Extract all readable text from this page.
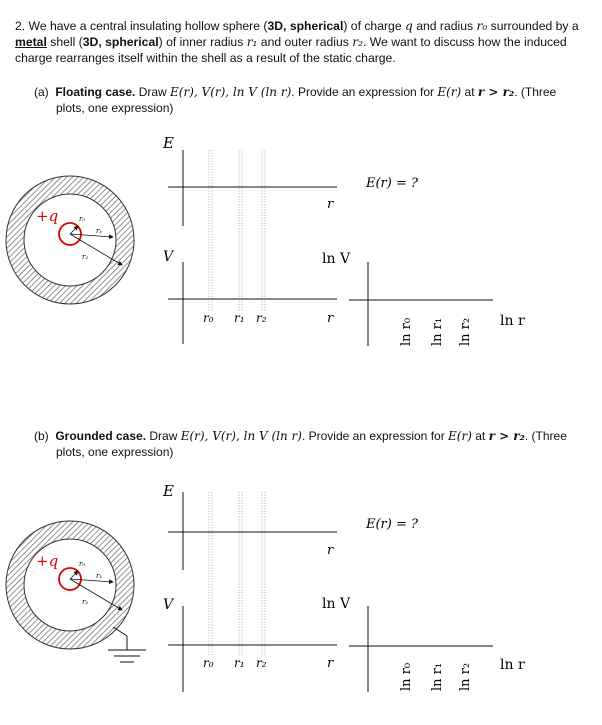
2. We have a central insulating hollow sphere (3D, spherical) of charge q and radius r₀ surrounded by a
metal shell (3D, spherical) of inner radius r₁ and outer radius r₂. We want to discuss how the induced
charge rearranges itself within the shell as a result of the static charge.
(a) Floating case. Draw E(r), V(r), ln V (ln r). Provide an expression for E(r) at r > r₂. (Three
plots, one expression)
(b) Grounded case. Draw E(r), V(r), ln V (ln r). Provide an expression for E(r) at r > r₂. (Three
plots, one expression)
+q	r₀
r₁
r₂
E
r
V
r₀ r₁ r₂	r
E(r) = ?
ln V
ln r
ln r₀ ln r₁ ln r₂
+q	r₀
r₁
r₂
E
r
V
r₀ r₁ r₂	r
E(r) = ?
ln V
ln r
ln r₀ ln r₁ ln r₂
